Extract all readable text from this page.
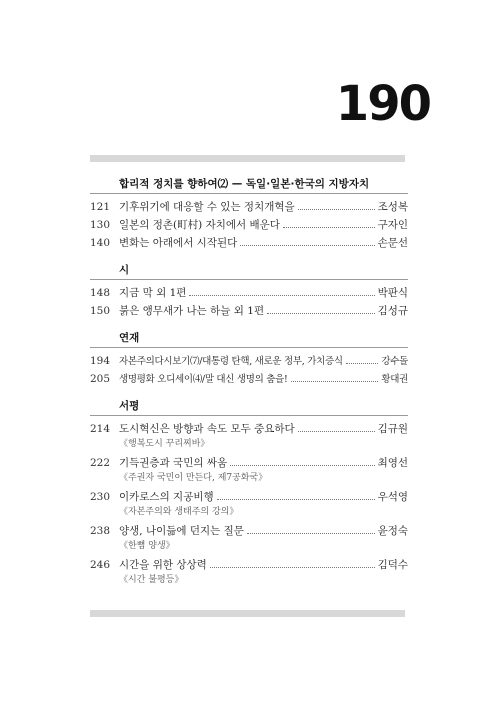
190
합리적 정치를 향하여⑵ — 독일·일본·한국의 지방자치
121 기후위기에 대응할 수 있는 정치개혁을	조성복
130 일본의 정촌(町村) 자치에서 배운다	구자인
140 변화는 아래에서 시작된다	손문선
시
148 지금 막 외 1편	박판식
150 붉은 앵무새가 나는 하늘 외 1편	김성규
연재
194 자본주의다시보기⑺/대통령 탄핵, 새로운 정부, 가치증식	강수돌
205 생명평화 오디세이⑷/말 대신 생명의 춤을!	황대권
서평
214 도시혁신은 방향과 속도 모두 중요하다	김규원
《행복도시 꾸리찌바》
222 기득권층과 국민의 싸움	최영선
《주권자 국민이 만든다, 제7공화국》
230 이카로스의 지공비행	우석영
《자본주의와 생태주의 강의》
238 양생, 나이듦에 던지는 질문	윤정숙
《한뼘 양생》
246 시간을 위한 상상력	김덕수
《시간 불평등》
